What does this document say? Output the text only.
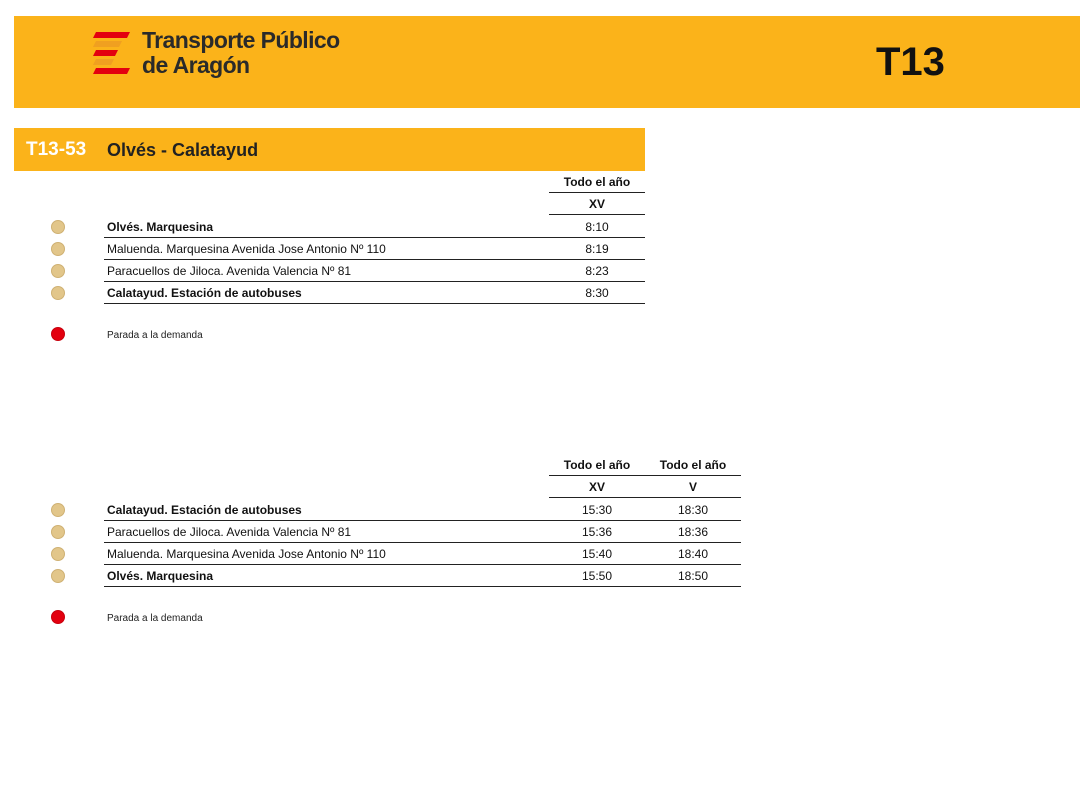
Transporte Público
de Aragón	T13
T13-53 Olvés - Calatayud
Todo el año
XV
Olvés. Marquesina	8:10
Maluenda. Marquesina Avenida Jose Antonio Nº 110	8:19
Paracuellos de Jiloca. Avenida Valencia Nº 81	8:23
Calatayud. Estación de autobuses	8:30
Parada a la demanda
Todo el año	Todo el año
XV	V
Calatayud. Estación de autobuses	15:30	18:30
Paracuellos de Jiloca. Avenida Valencia Nº 81	15:36	18:36
Maluenda. Marquesina Avenida Jose Antonio Nº 110	15:40	18:40
Olvés. Marquesina	15:50	18:50
Parada a la demanda
